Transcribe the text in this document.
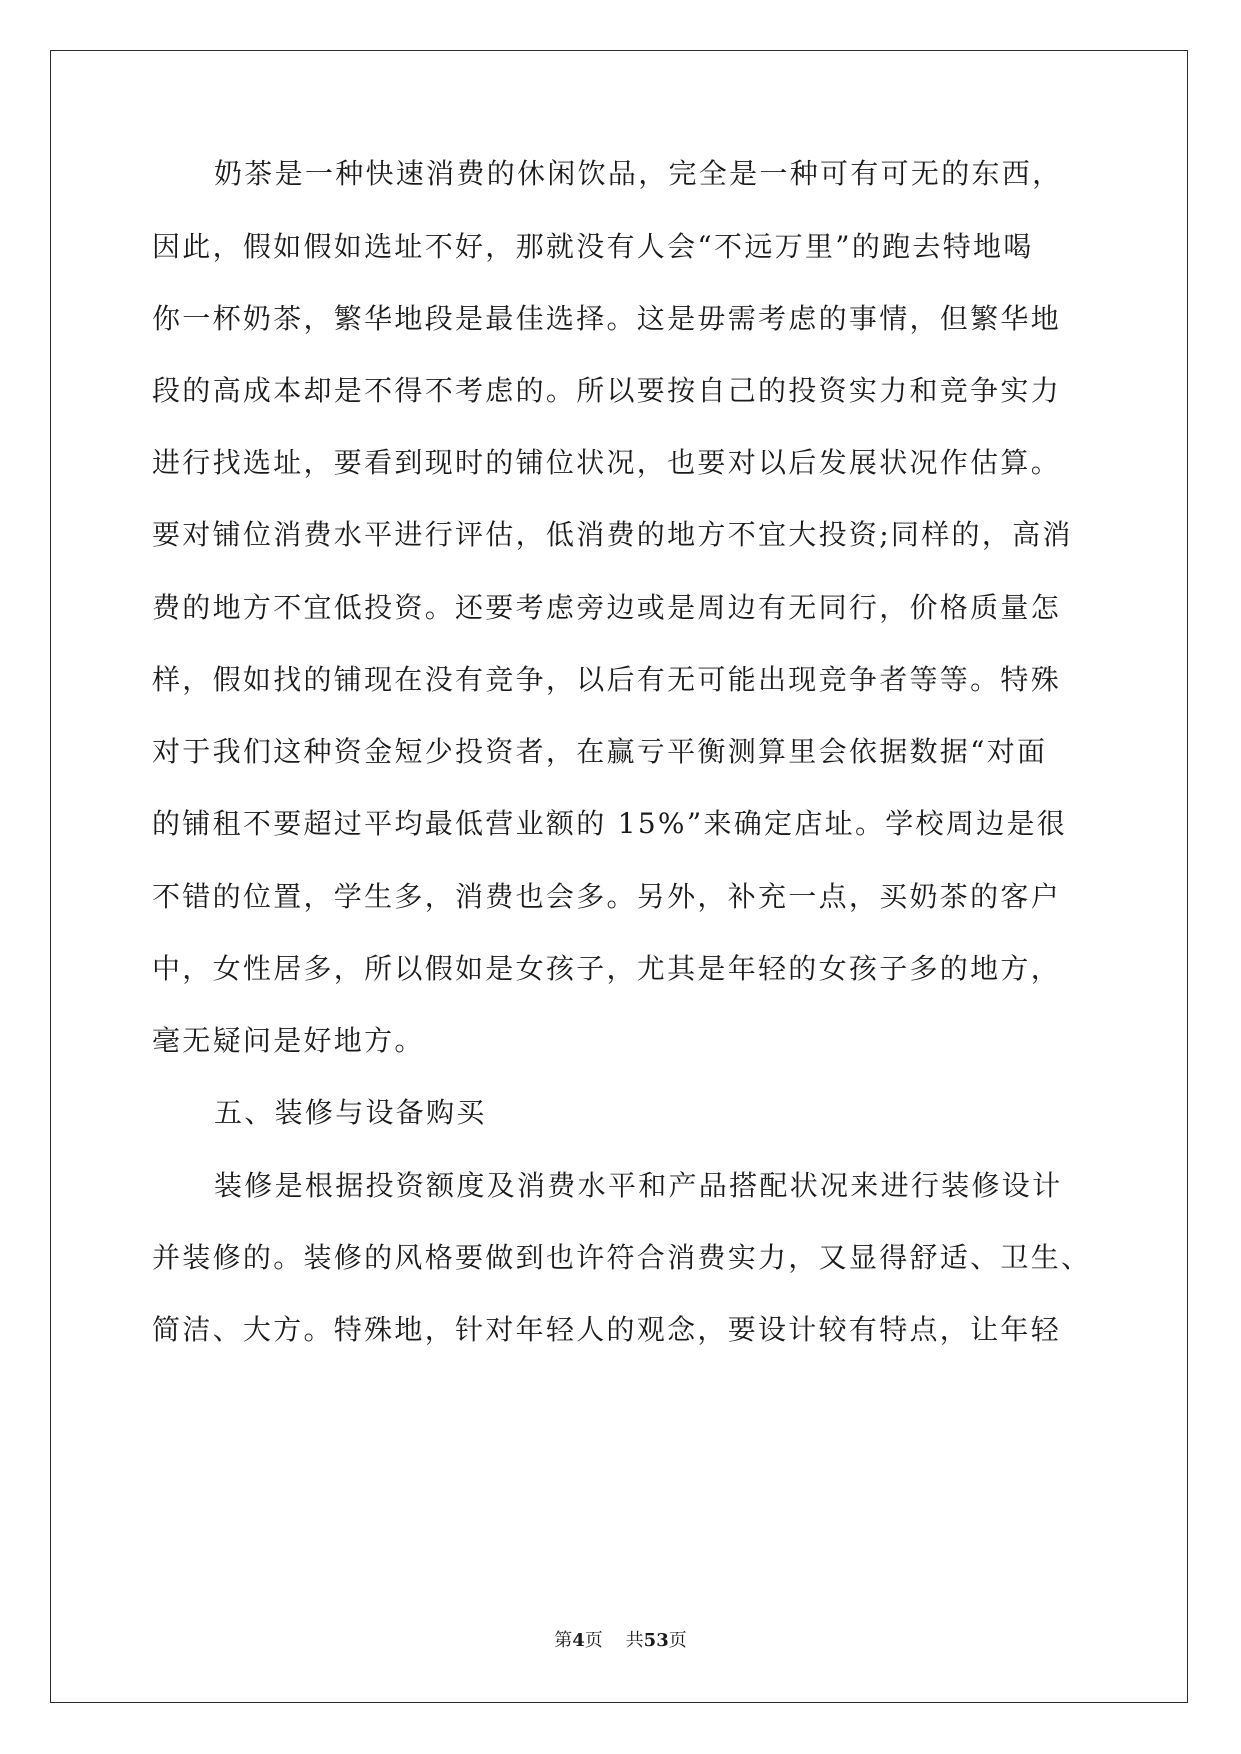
奶茶是一种快速消费的休闲饮品，完全是一种可有可无的东西，
因此，假如假如选址不好，那就没有人会“不远万里”的跑去特地喝
你一杯奶茶，繁华地段是最佳选择。这是毋需考虑的事情，但繁华地
段的高成本却是不得不考虑的。所以要按自己的投资实力和竞争实力
进行找选址，要看到现时的铺位状况，也要对以后发展状况作估算。
要对铺位消费水平进行评估，低消费的地方不宜大投资;同样的，高消
费的地方不宜低投资。还要考虑旁边或是周边有无同行，价格质量怎
样，假如找的铺现在没有竞争，以后有无可能出现竞争者等等。特殊
对于我们这种资金短少投资者，在赢亏平衡测算里会依据数据“对面
的铺租不要超过平均最低营业额的 15%”来确定店址。学校周边是很
不错的位置，学生多，消费也会多。另外，补充一点，买奶茶的客户
中，女性居多，所以假如是女孩子，尤其是年轻的女孩子多的地方，
毫无疑问是好地方。
五、装修与设备购买
装修是根据投资额度及消费水平和产品搭配状况来进行装修设计
并装修的。装修的风格要做到也许符合消费实力，又显得舒适、卫生、
简洁、大方。特殊地，针对年轻人的观念，要设计较有特点，让年轻
第4页 共53页
